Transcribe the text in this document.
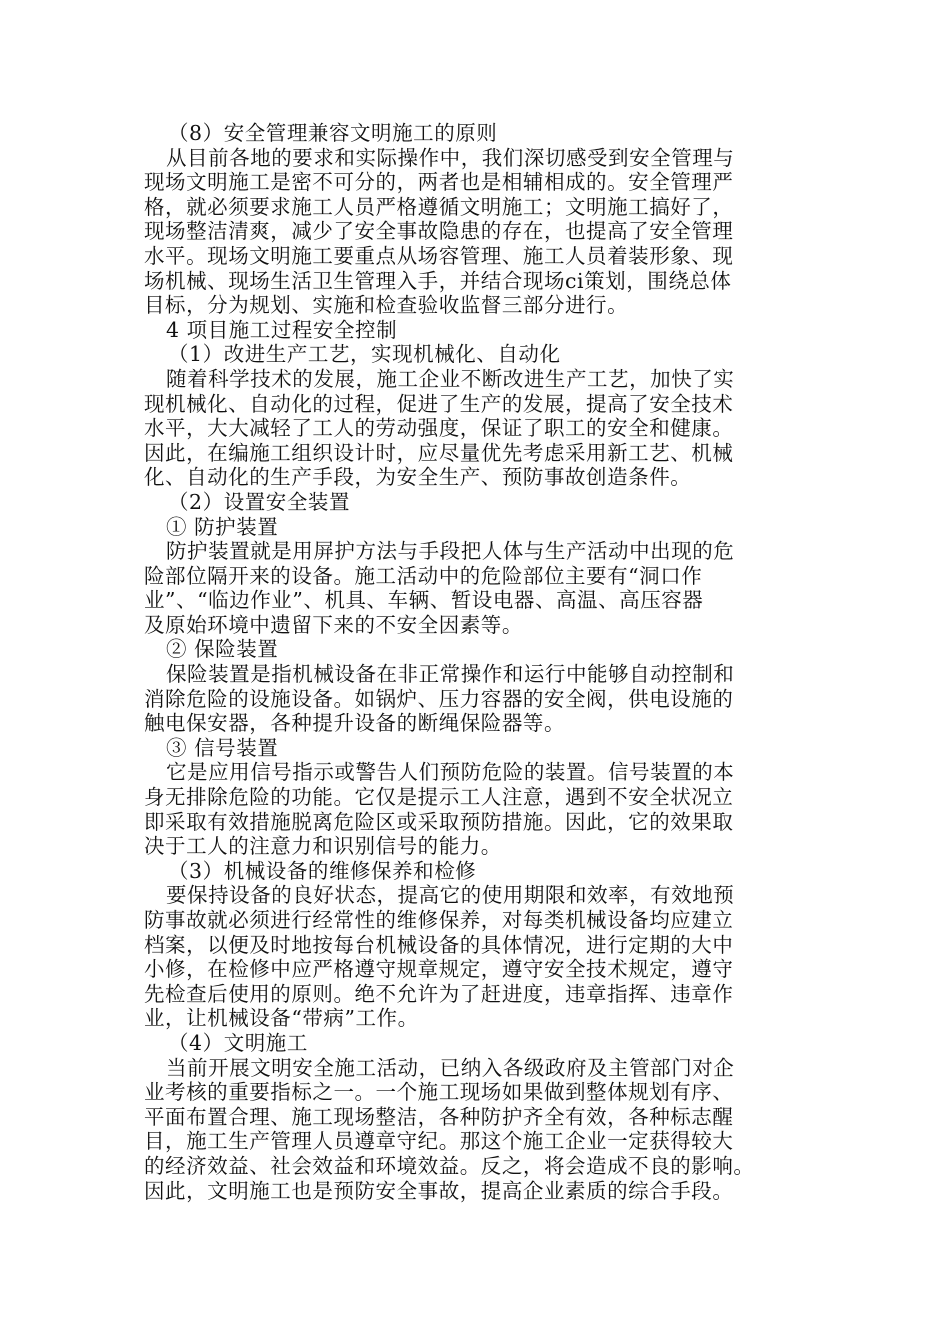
（8）安全管理兼容文明施工的原则
从目前各地的要求和实际操作中，我们深切感受到安全管理与
现场文明施工是密不可分的，两者也是相辅相成的。安全管理严
格，就必须要求施工人员严格遵循文明施工；文明施工搞好了，
现场整洁清爽，减少了安全事故隐患的存在，也提高了安全管理
水平。现场文明施工要重点从场容管理、施工人员着装形象、现
场机械、现场生活卫生管理入手，并结合现场ci策划，围绕总体
目标，分为规划、实施和检查验收监督三部分进行。
4 项目施工过程安全控制
（1）改进生产工艺，实现机械化、自动化
随着科学技术的发展，施工企业不断改进生产工艺，加快了实
现机械化、自动化的过程，促进了生产的发展，提高了安全技术
水平，大大减轻了工人的劳动强度，保证了职工的安全和健康。
因此，在编施工组织设计时，应尽量优先考虑采用新工艺、机械
化、自动化的生产手段，为安全生产、预防事故创造条件。
（2）设置安全装置
① 防护装置
防护装置就是用屏护方法与手段把人体与生产活动中出现的危
险部位隔开来的设备。施工活动中的危险部位主要有“洞口作
业”、“临边作业”、机具、车辆、暂设电器、高温、高压容器
及原始环境中遗留下来的不安全因素等。
② 保险装置
保险装置是指机械设备在非正常操作和运行中能够自动控制和
消除危险的设施设备。如锅炉、压力容器的安全阀，供电设施的
触电保安器，各种提升设备的断绳保险器等。
③ 信号装置
它是应用信号指示或警告人们预防危险的装置。信号装置的本
身无排除危险的功能。它仅是提示工人注意，遇到不安全状况立
即采取有效措施脱离危险区或采取预防措施。因此，它的效果取
决于工人的注意力和识别信号的能力。
（3）机械设备的维修保养和检修
要保持设备的良好状态，提高它的使用期限和效率，有效地预
防事故就必须进行经常性的维修保养，对每类机械设备均应建立
档案，以便及时地按每台机械设备的具体情况，进行定期的大中
小修，在检修中应严格遵守规章规定，遵守安全技术规定，遵守
先检查后使用的原则。绝不允许为了赶进度，违章指挥、违章作
业，让机械设备“带病”工作。
（4）文明施工
当前开展文明安全施工活动，已纳入各级政府及主管部门对企
业考核的重要指标之一。一个施工现场如果做到整体规划有序、
平面布置合理、施工现场整洁，各种防护齐全有效，各种标志醒
目，施工生产管理人员遵章守纪。那这个施工企业一定获得较大
的经济效益、社会效益和环境效益。反之，将会造成不良的影响。
因此，文明施工也是预防安全事故，提高企业素质的综合手段。
